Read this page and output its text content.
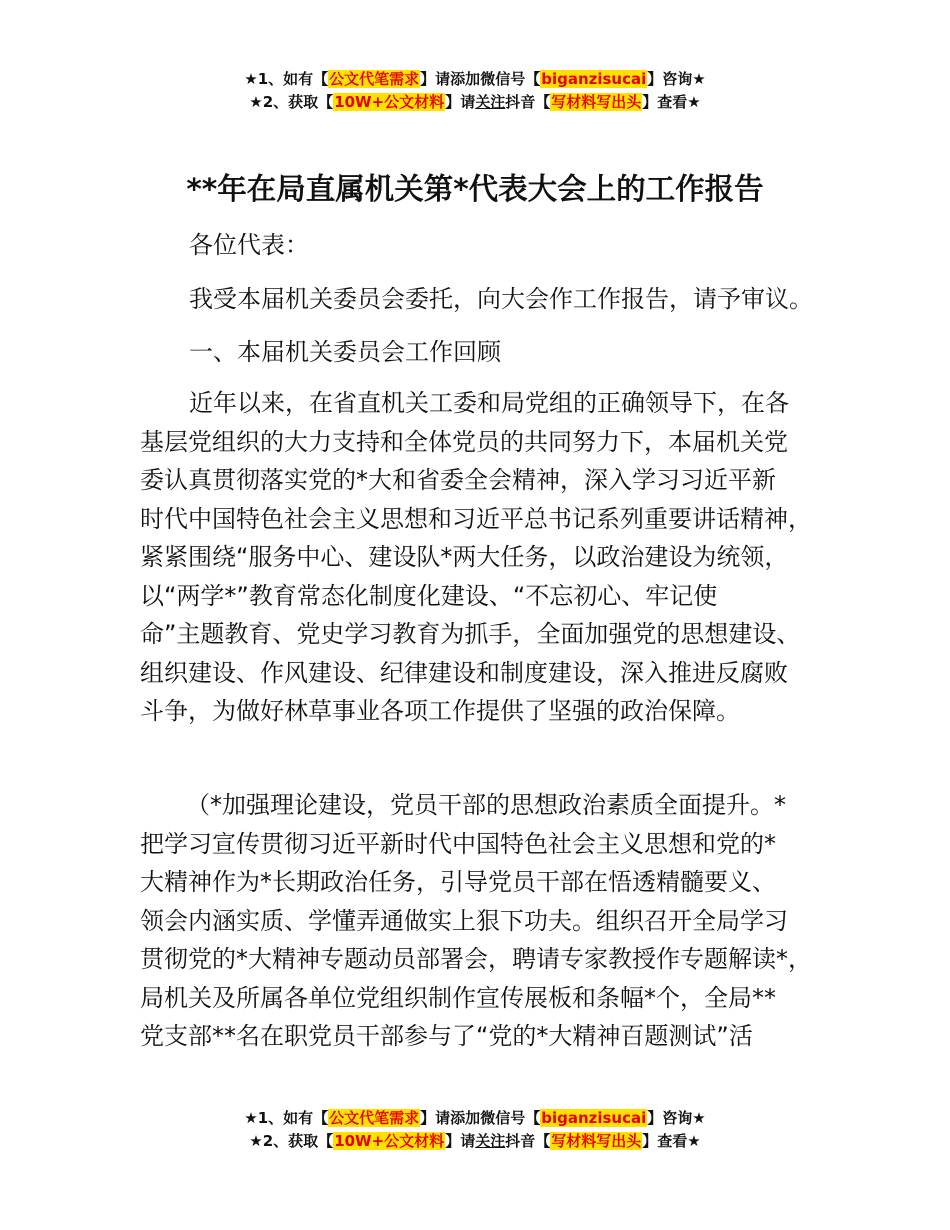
★1、如有【公文代笔需求】请添加微信号【biganzisucai】咨询★
★2、获取【10W+公文材料】请关注抖音【写材料写出头】查看★
**年在局直属机关第*代表大会上的工作报告
各位代表：
我受本届机关委员会委托，向大会作工作报告，请予审议。
一、本届机关委员会工作回顾
近年以来，在省直机关工委和局党组的正确领导下，在各
基层党组织的大力支持和全体党员的共同努力下，本届机关党
委认真贯彻落实党的*大和省委全会精神，深入学习习近平新
时代中国特色社会主义思想和习近平总书记系列重要讲话精神，
紧紧围绕“服务中心、建设队*两大任务，以政治建设为统领，
以“两学*”教育常态化制度化建设、“不忘初心、牢记使
命”主题教育、党史学习教育为抓手，全面加强党的思想建设、
组织建设、作风建设、纪律建设和制度建设，深入推进反腐败
斗争，为做好林草事业各项工作提供了坚强的政治保障。
（*加强理论建设，党员干部的思想政治素质全面提升。*
把学习宣传贯彻习近平新时代中国特色社会主义思想和党的*
大精神作为*长期政治任务，引导党员干部在悟透精髓要义、
领会内涵实质、学懂弄通做实上狠下功夫。组织召开全局学习
贯彻党的*大精神专题动员部署会，聘请专家教授作专题解读*，
局机关及所属各单位党组织制作宣传展板和条幅*个，全局**
党支部**名在职党员干部参与了“党的*大精神百题测试”活
★1、如有【公文代笔需求】请添加微信号【biganzisucai】咨询★
★2、获取【10W+公文材料】请关注抖音【写材料写出头】查看★
